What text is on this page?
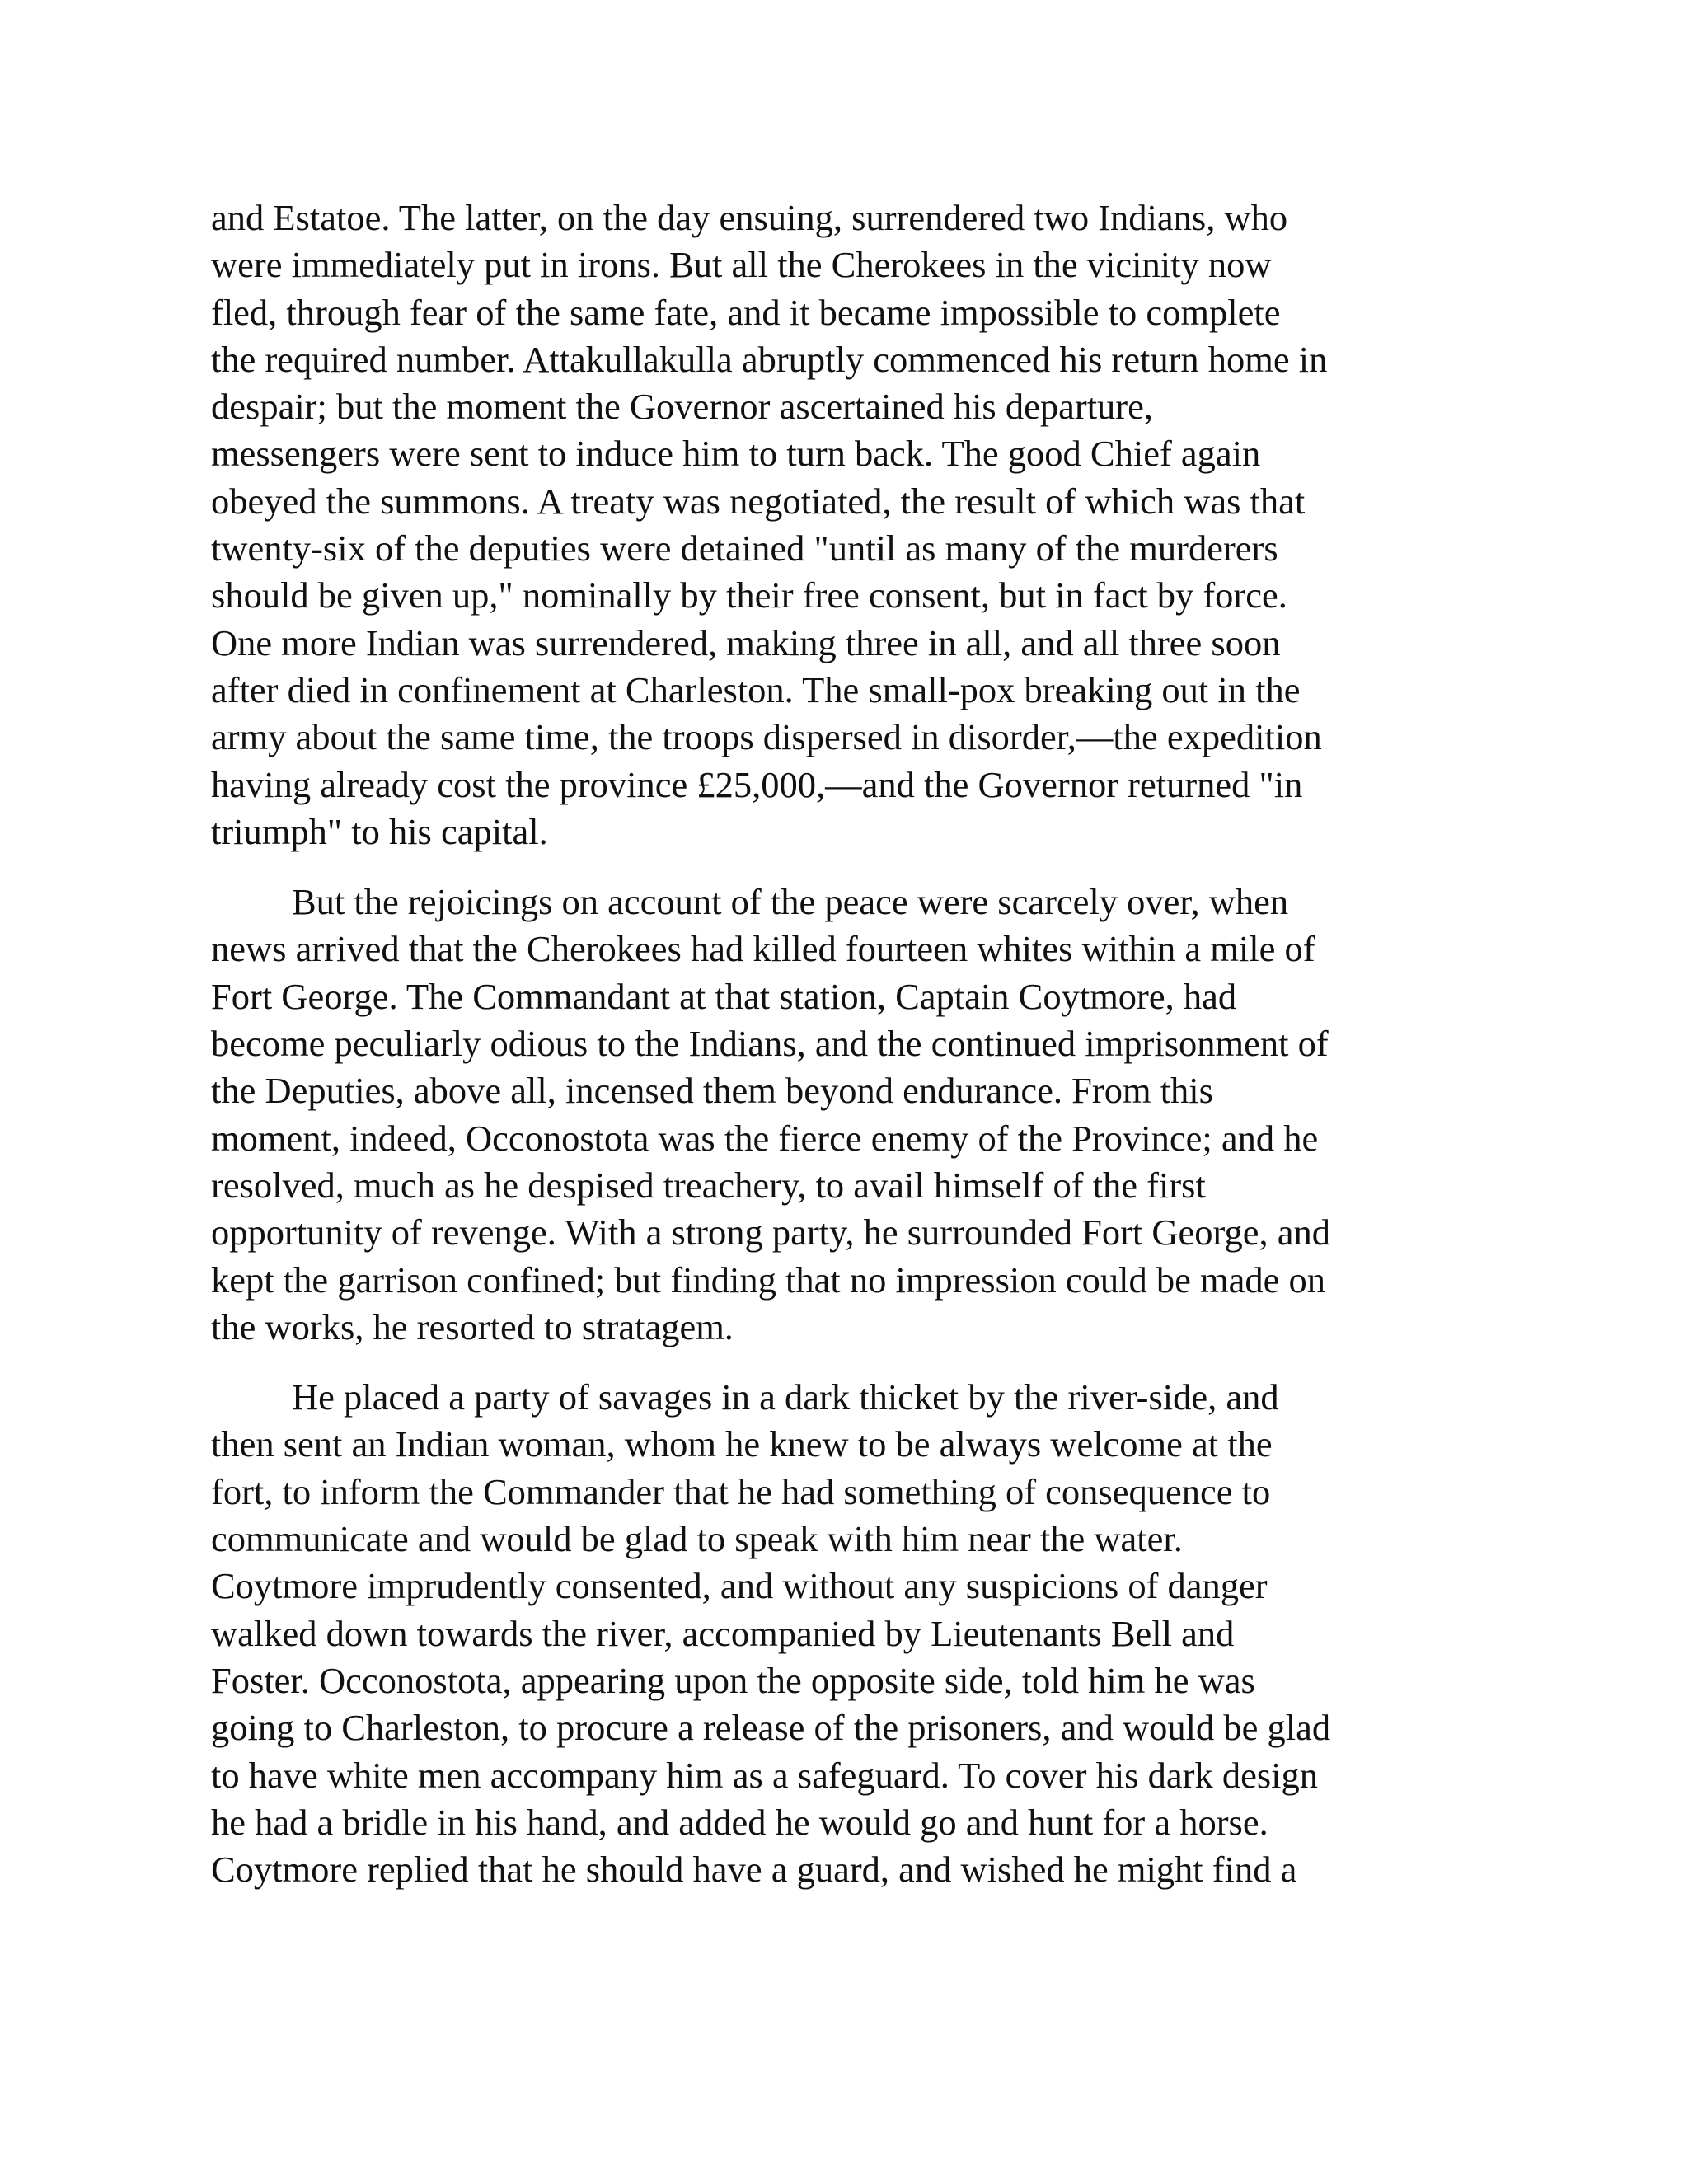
and Estatoe. The latter, on the day ensuing, surrendered two Indians, who
were immediately put in irons. But all the Cherokees in the vicinity now
fled, through fear of the same fate, and it became impossible to complete
the required number. Attakullakulla abruptly commenced his return home in
despair; but the moment the Governor ascertained his departure,
messengers were sent to induce him to turn back. The good Chief again
obeyed the summons. A treaty was negotiated, the result of which was that
twenty-six of the deputies were detained "until as many of the murderers
should be given up," nominally by their free consent, but in fact by force.
One more Indian was surrendered, making three in all, and all three soon
after died in confinement at Charleston. The small-pox breaking out in the
army about the same time, the troops dispersed in disorder,—the expedition
having already cost the province £25,000,—and the Governor returned "in
triumph" to his capital.

But the rejoicings on account of the peace were scarcely over, when
news arrived that the Cherokees had killed fourteen whites within a mile of
Fort George. The Commandant at that station, Captain Coytmore, had
become peculiarly odious to the Indians, and the continued imprisonment of
the Deputies, above all, incensed them beyond endurance. From this
moment, indeed, Occonostota was the fierce enemy of the Province; and he
resolved, much as he despised treachery, to avail himself of the first
opportunity of revenge. With a strong party, he surrounded Fort George, and
kept the garrison confined; but finding that no impression could be made on
the works, he resorted to stratagem.

He placed a party of savages in a dark thicket by the river-side, and
then sent an Indian woman, whom he knew to be always welcome at the
fort, to inform the Commander that he had something of consequence to
communicate and would be glad to speak with him near the water.
Coytmore imprudently consented, and without any suspicions of danger
walked down towards the river, accompanied by Lieutenants Bell and
Foster. Occonostota, appearing upon the opposite side, told him he was
going to Charleston, to procure a release of the prisoners, and would be glad
to have white men accompany him as a safeguard. To cover his dark design
he had a bridle in his hand, and added he would go and hunt for a horse.
Coytmore replied that he should have a guard, and wished he might find a
